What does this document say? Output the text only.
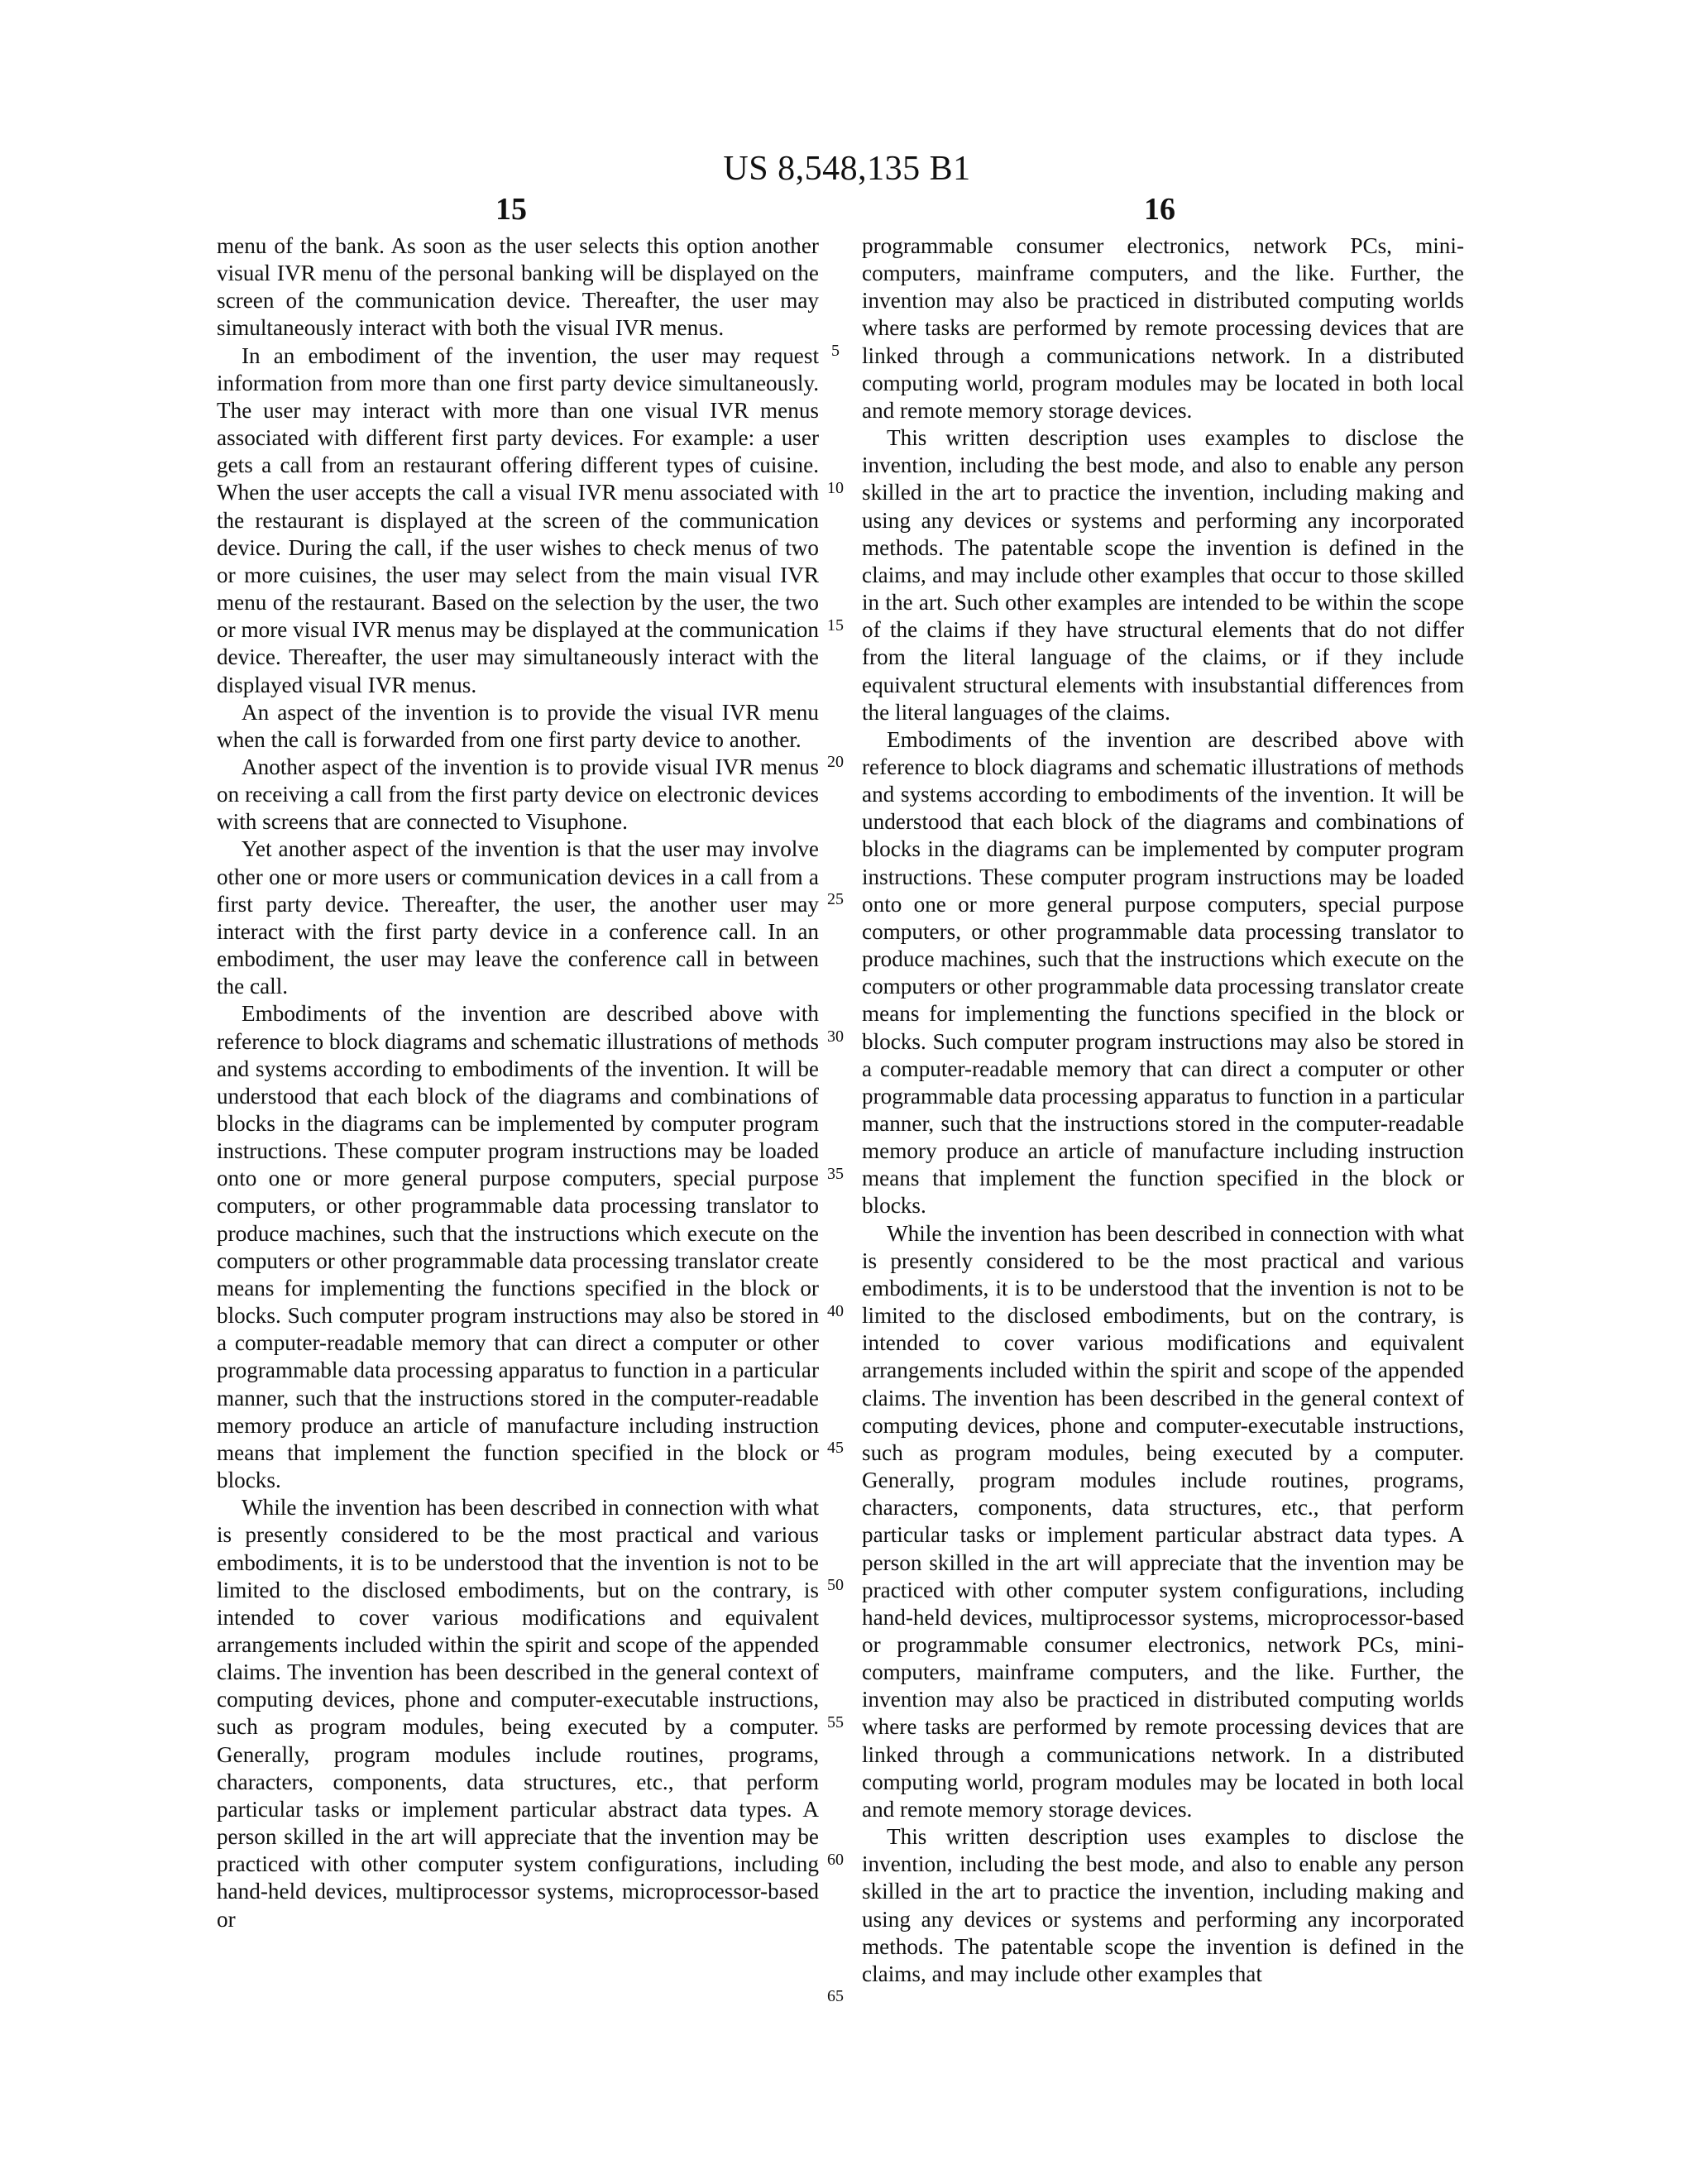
US 8,548,135 B1
15	16

menu of the bank. As soon as the user selects this option another visual IVR menu of the personal banking will be displayed on the screen of the communication device. Thereafter, the user may simultaneously interact with both the visual IVR menus.

In an embodiment of the invention, the user may request information from more than one first party device simultaneously. The user may interact with more than one visual IVR menus associated with different first party devices. For example: a user gets a call from an restaurant offering different types of cuisine. When the user accepts the call a visual IVR menu associated with the restaurant is displayed at the screen of the communication device. During the call, if the user wishes to check menus of two or more cuisines, the user may select from the main visual IVR menu of the restaurant. Based on the selection by the user, the two or more visual IVR menus may be displayed at the communication device. Thereafter, the user may simultaneously interact with the displayed visual IVR menus.

An aspect of the invention is to provide the visual IVR menu when the call is forwarded from one first party device to another.

Another aspect of the invention is to provide visual IVR menus on receiving a call from the first party device on electronic devices with screens that are connected to Visuphone.

Yet another aspect of the invention is that the user may involve other one or more users or communication devices in a call from a first party device. Thereafter, the user, the another user may interact with the first party device in a conference call. In an embodiment, the user may leave the conference call in between the call.

Embodiments of the invention are described above with reference to block diagrams and schematic illustrations of methods and systems according to embodiments of the invention. It will be understood that each block of the diagrams and combinations of blocks in the diagrams can be implemented by computer program instructions. These computer program instructions may be loaded onto one or more general purpose computers, special purpose computers, or other programmable data processing translator to produce machines, such that the instructions which execute on the computers or other programmable data processing translator create means for implementing the functions specified in the block or blocks. Such computer program instructions may also be stored in a computer-readable memory that can direct a computer or other programmable data processing apparatus to function in a particular manner, such that the instructions stored in the computer-readable memory produce an article of manufacture including instruction means that implement the function specified in the block or blocks.

While the invention has been described in connection with what is presently considered to be the most practical and various embodiments, it is to be understood that the invention is not to be limited to the disclosed embodiments, but on the contrary, is intended to cover various modifications and equivalent arrangements included within the spirit and scope of the appended claims. The invention has been described in the general context of computing devices, phone and computer-executable instructions, such as program modules, being executed by a computer. Generally, program modules include routines, programs, characters, components, data structures, etc., that perform particular tasks or implement particular abstract data types. A person skilled in the art will appreciate that the invention may be practiced with other computer system configurations, including hand-held devices, multiprocessor systems, microprocessor-based or

programmable consumer electronics, network PCs, minicomputers, mainframe computers, and the like. Further, the invention may also be practiced in distributed computing worlds where tasks are performed by remote processing devices that are linked through a communications network. In a distributed computing world, program modules may be located in both local and remote memory storage devices.

This written description uses examples to disclose the invention, including the best mode, and also to enable any person skilled in the art to practice the invention, including making and using any devices or systems and performing any incorporated methods. The patentable scope the invention is defined in the claims, and may include other examples that occur to those skilled in the art. Such other examples are intended to be within the scope of the claims if they have structural elements that do not differ from the literal language of the claims, or if they include equivalent structural elements with insubstantial differences from the literal languages of the claims.

Embodiments of the invention are described above with reference to block diagrams and schematic illustrations of methods and systems according to embodiments of the invention. It will be understood that each block of the diagrams and combinations of blocks in the diagrams can be implemented by computer program instructions. These computer program instructions may be loaded onto one or more general purpose computers, special purpose computers, or other programmable data processing translator to produce machines, such that the instructions which execute on the computers or other programmable data processing translator create means for implementing the functions specified in the block or blocks. Such computer program instructions may also be stored in a computer-readable memory that can direct a computer or other programmable data processing apparatus to function in a particular manner, such that the instructions stored in the computer-readable memory produce an article of manufacture including instruction means that implement the function specified in the block or blocks.

While the invention has been described in connection with what is presently considered to be the most practical and various embodiments, it is to be understood that the invention is not to be limited to the disclosed embodiments, but on the contrary, is intended to cover various modifications and equivalent arrangements included within the spirit and scope of the appended claims. The invention has been described in the general context of computing devices, phone and computer-executable instructions, such as program modules, being executed by a computer. Generally, program modules include routines, programs, characters, components, data structures, etc., that perform particular tasks or implement particular abstract data types. A person skilled in the art will appreciate that the invention may be practiced with other computer system configurations, including hand-held devices, multiprocessor systems, microprocessor-based or programmable consumer electronics, network PCs, minicomputers, mainframe computers, and the like. Further, the invention may also be practiced in distributed computing worlds where tasks are performed by remote processing devices that are linked through a communications network. In a distributed computing world, program modules may be located in both local and remote memory storage devices.

This written description uses examples to disclose the invention, including the best mode, and also to enable any person skilled in the art to practice the invention, including making and using any devices or systems and performing any incorporated methods. The patentable scope the invention is defined in the claims, and may include other examples that

5
10
15
20
25
30
35
40
45
50
55
60
65
